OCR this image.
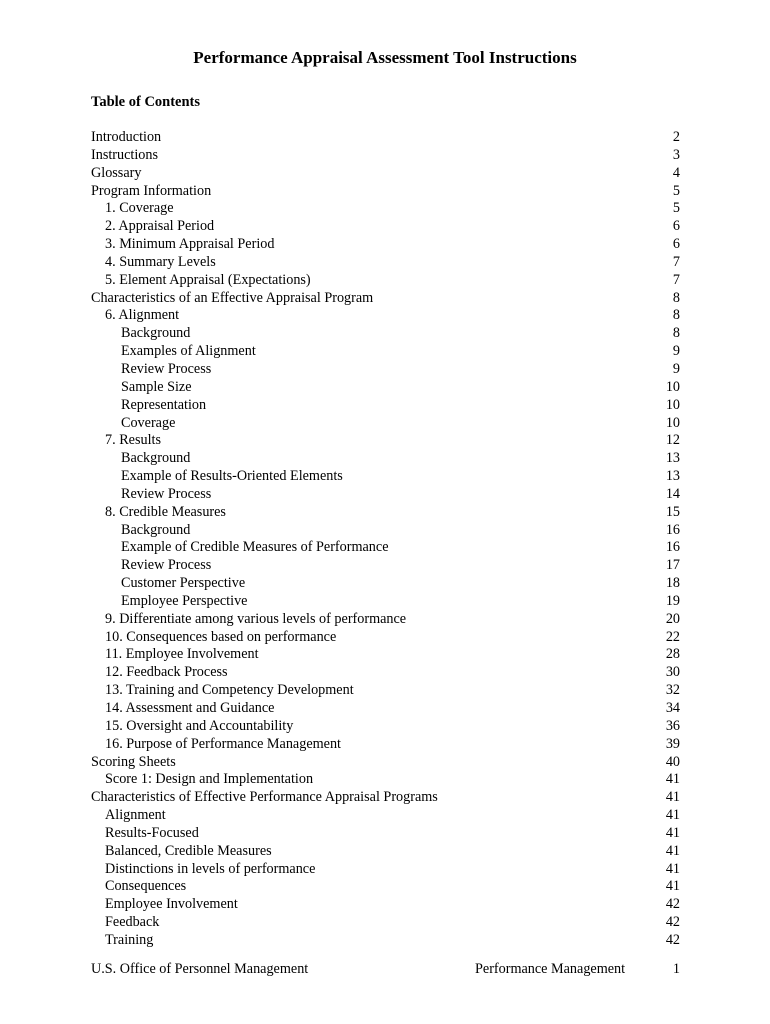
Performance Appraisal Assessment Tool Instructions
Table of Contents
Introduction	2
Instructions	3
Glossary	4
Program Information	5
1. Coverage	5
2. Appraisal Period	6
3. Minimum Appraisal Period	6
4. Summary Levels	7
5. Element Appraisal (Expectations)	7
Characteristics of an Effective Appraisal Program	8
6. Alignment	8
Background	8
Examples of Alignment	9
Review Process	9
Sample Size	10
Representation	10
Coverage	10
7. Results	12
Background	13
Example of Results-Oriented Elements	13
Review Process	14
8. Credible Measures	15
Background	16
Example of Credible Measures of Performance	16
Review Process	17
Customer Perspective	18
Employee Perspective	19
9. Differentiate among various levels of performance	20
10. Consequences based on performance	22
11. Employee Involvement	28
12. Feedback Process	30
13. Training and Competency Development	32
14. Assessment and Guidance	34
15. Oversight and Accountability	36
16. Purpose of Performance Management	39
Scoring Sheets	40
Score 1: Design and Implementation	41
Characteristics of Effective Performance Appraisal Programs	41
Alignment	41
Results-Focused	41
Balanced, Credible Measures	41
Distinctions in levels of performance	41
Consequences	41
Employee Involvement	42
Feedback	42
Training	42
U.S. Office of Personnel Management	Performance Management	1
